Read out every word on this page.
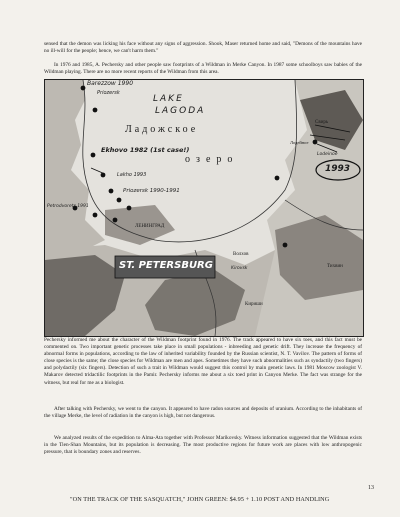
sensed that the demon was licking his face without any signs of aggression. Shook, Maser returned home and said, "Demons of the mountains have no ill-will for the people; hence, we can't harm them."

In 1976 and 1985, A. Pechersky and other people saw footprints of a Wildman in Merke Canyon. In 1987 some schoolboys saw babies of the Wildman playing. There are no more recent reports of the Wildman from this area.

Barezzow 1990
Priozersk
LAKE
LAGODA
Ладожское
Ekhovo 1982 (1st case!)
озеро
Lakho 1993
Priozersk 1990-1991
Petrodvorets 1991
ЛЕНИНГРАД
Свирь
1993
Lodeinoe
Лодейное
Волхов
Kirovsk
Кириши
Тихвин
ST. PETERSBURG

Pechersky informed me about the character of the Wildman footprint found in 1976. The track appeared to have six toes, and this fact must be commented on. Two important genetic processes take place in small populations - inbreeding and genetic drift. They increase the frequency of abnormal forms in populations, according to the law of inherited variability founded by the Russian scientist, N. T. Vavilov. The pattern of forms of close species is the same; the close species for Wildman are men and apes. Sometimes they have such abnormalities such as syndactily (two fingers) and polydactily (six fingers). Detection of such a trait in Wildman would suggest this control by main genetic laws. In 1981 Moscow zoologist V. Makarov detected tridactilic footprints in the Pamir. Pechersky informs me about a six toed print in Canyon Merke. The fact was strange for the witness, but real for me as a biologist.

After talking with Pechersky, we went to the canyon. It appeared to have radon sources and deposits of uranium. According to the inhabitants of the village Merke, the level of radiation in the canyon is high, but not dangerous.

We analyzed results of the expedition to Alma-Ata together with Professor Marikovsky. Witness information suggested that the Wildman exists in the Tien-Shan Mountains, but its population is decreasing. The most productive regions for future work are places with low anthropogenic pressure, that is boundary zones and reserves.

13
"ON THE TRACK OF THE SASQUATCH," JOHN GREEN: $4.95 + 1.10 POST AND HANDLING
